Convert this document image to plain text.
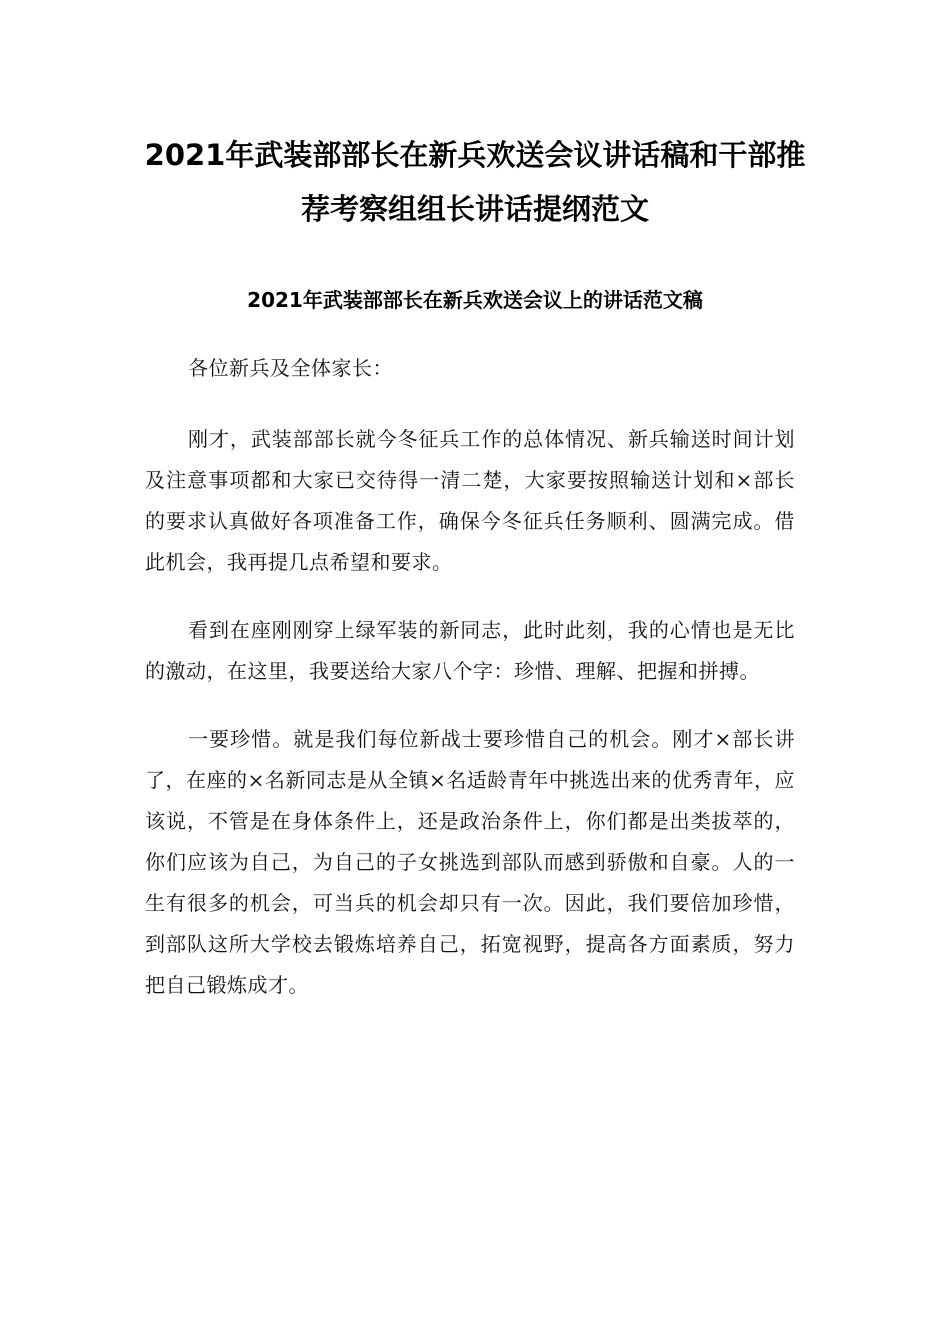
2021年武装部部长在新兵欢送会议讲话稿和干部推荐考察组组长讲话提纲范文
2021年武装部部长在新兵欢送会议上的讲话范文稿

各位新兵及全体家长：

刚才，武装部部长就今冬征兵工作的总体情况、新兵输送时间计划及注意事项都和大家已交待得一清二楚，大家要按照输送计划和×部长的要求认真做好各项准备工作，确保今冬征兵任务顺利、圆满完成。借此机会，我再提几点希望和要求。

看到在座刚刚穿上绿军装的新同志，此时此刻，我的心情也是无比的激动，在这里，我要送给大家八个字：珍惜、理解、把握和拼搏。

一要珍惜。就是我们每位新战士要珍惜自己的机会。刚才×部长讲了，在座的×名新同志是从全镇×名适龄青年中挑选出来的优秀青年，应该说，不管是在身体条件上，还是政治条件上，你们都是出类拔萃的，你们应该为自己，为自己的子女挑选到部队而感到骄傲和自豪。人的一生有很多的机会，可当兵的机会却只有一次。因此，我们要倍加珍惜，到部队这所大学校去锻炼培养自己，拓宽视野，提高各方面素质，努力把自己锻炼成才。
